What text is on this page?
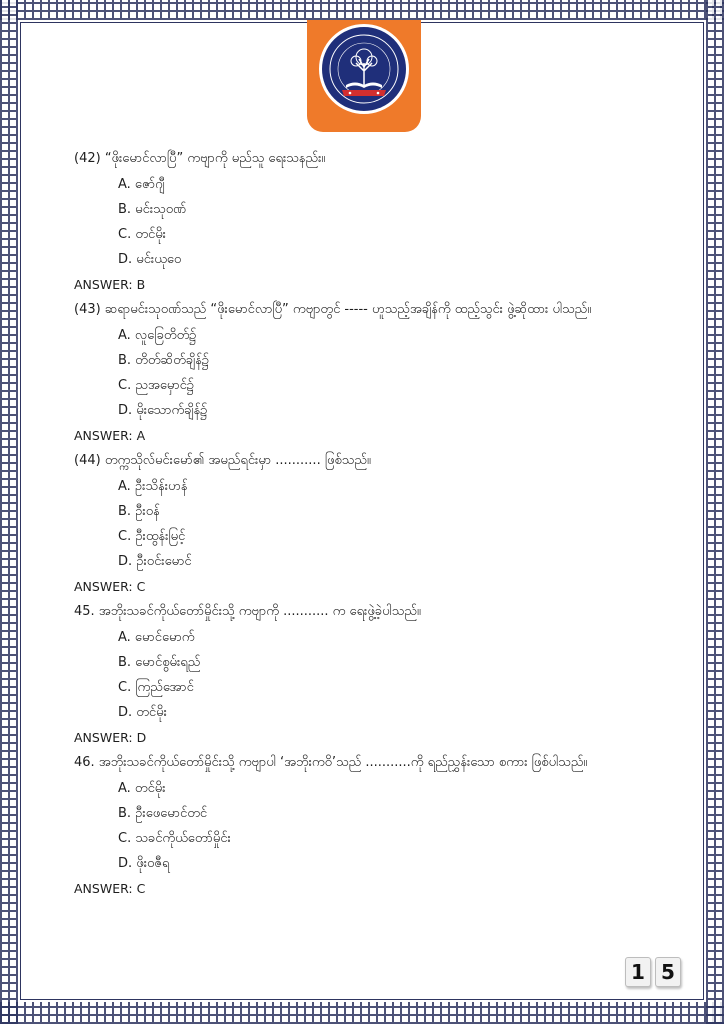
(42) “ဖိုးမောင်လာပြီ” ကဗျာကို မည်သူ ရေးသနည်း။

A. ဇော်ဂျီ

B. မင်းသုဝဏ်

C. တင်မိုး

D. မင်းယုဝေ

ANSWER: B

(43) ဆရာမင်းသုဝဏ်သည် “ဖိုးမောင်လာပြီ” ကဗျာတွင် ----- ဟူသည့်အချိန်ကို ထည့်သွင်း ဖွဲ့ဆိုထား ပါသည်။

A. လူခြေတိတ်၌

B. တိတ်ဆိတ်ချိန်၌

C. ညအမှောင်၌

D. မိုးသောက်ချိန်၌

ANSWER: A

(44) တက္ကသိုလ်မင်းမော်၏ အမည်ရင်းမှာ ........... ဖြစ်သည်။

A. ဦးသိန်းဟန်

B. ဦးဝန်

C. ဦးထွန်းမြင့်

D. ဦးဝင်းမောင်

ANSWER: C

45. အဘိုးသခင်ကိုယ်တော်မှိုင်းသို့ ကဗျာကို ........... က ရေးဖွဲ့ခဲ့ပါသည်။

A. မောင်မောက်

B. မောင်စွမ်းရည်

C. ကြည်အောင်

D. တင်မိုး

ANSWER: D

46. အဘိုးသခင်ကိုယ်တော်မှိုင်းသို့ ကဗျာပါ ‘အဘိုးကဝိ’သည် ...........ကို ရည်ညွှန်းသော စကား ဖြစ်ပါသည်။

A. တင်မိုး

B. ဦးဖေမောင်တင်

C. သခင်ကိုယ်တော်မှိုင်း

D. ဖိုးဝဇီရ

ANSWER: C

1 5
